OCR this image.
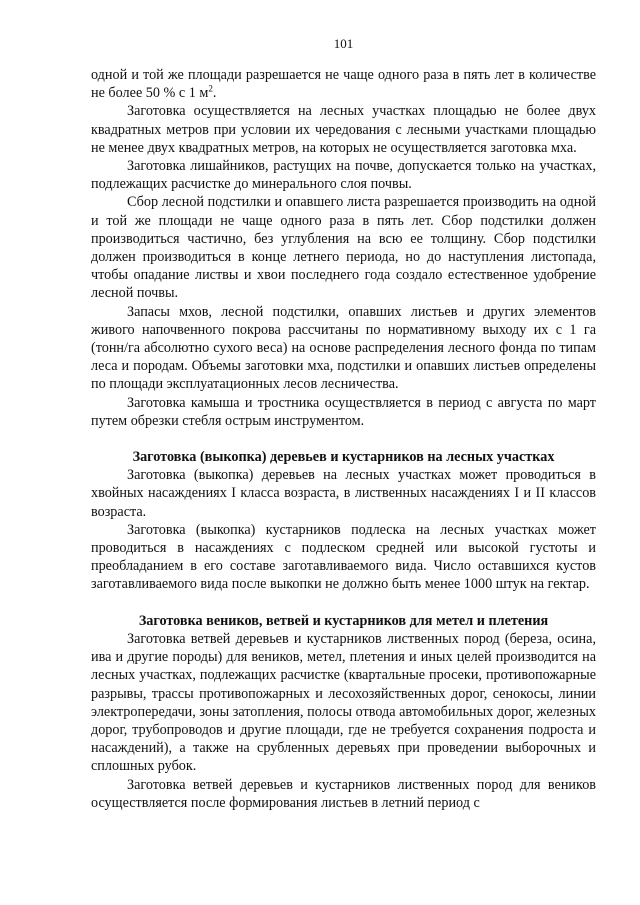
101

одной и той же площади разрешается не чаще одного раза в пять лет в количестве не более 50 % с 1 $м^2$.

Заготовка осуществляется на лесных участках площадью не более двух квадратных метров при условии их чередования с лесными участками площадью не менее двух квадратных метров, на которых не осуществляется заготовка мха.

Заготовка лишайников, растущих на почве, допускается только на участках, подлежащих расчистке до минерального слоя почвы.

Сбор лесной подстилки и опавшего листа разрешается производить на одной и той же площади не чаще одного раза в пять лет. Сбор подстилки должен производиться частично, без углубления на всю ее толщину. Сбор подстилки должен производиться в конце летнего периода, но до наступления листопада, чтобы опадание листвы и хвои последнего года создало естественное удобрение лесной почвы.

Запасы мхов, лесной подстилки, опавших листьев и других элементов живого напочвенного покрова рассчитаны по нормативному выходу их с 1 га (тонн/га абсолютно сухого веса) на основе распределения лесного фонда по типам леса и породам. Объемы заготовки мха, подстилки и опавших листьев определены по площади эксплуатационных лесов лесничества.

Заготовка камыша и тростника осуществляется в период с августа по март путем обрезки стебля острым инструментом.

Заготовка (выкопка) деревьев и кустарников на лесных участках

Заготовка (выкопка) деревьев на лесных участках может проводиться в хвойных насаждениях I класса возраста, в лиственных насаждениях I и II классов возраста.

Заготовка (выкопка) кустарников подлеска на лесных участках может проводиться в насаждениях с подлеском средней или высокой густоты и преобладанием в его составе заготавливаемого вида. Число оставшихся кустов заготавливаемого вида после выкопки не должно быть менее 1000 штук на гектар.

Заготовка веников, ветвей и кустарников для метел и плетения

Заготовка ветвей деревьев и кустарников лиственных пород (береза, осина, ива и другие породы) для веников, метел, плетения и иных целей производится на лесных участках, подлежащих расчистке (квартальные просеки, противопожарные разрывы, трассы противопожарных и лесохозяйственных дорог, сенокосы, линии электропередачи, зоны затопления, полосы отвода автомобильных дорог, железных дорог, трубопроводов и другие площади, где не требуется сохранения подроста и насаждений), а также на срубленных деревьях при проведении выборочных и сплошных рубок.

Заготовка ветвей деревьев и кустарников лиственных пород для веников осуществляется после формирования листьев в летний период с
